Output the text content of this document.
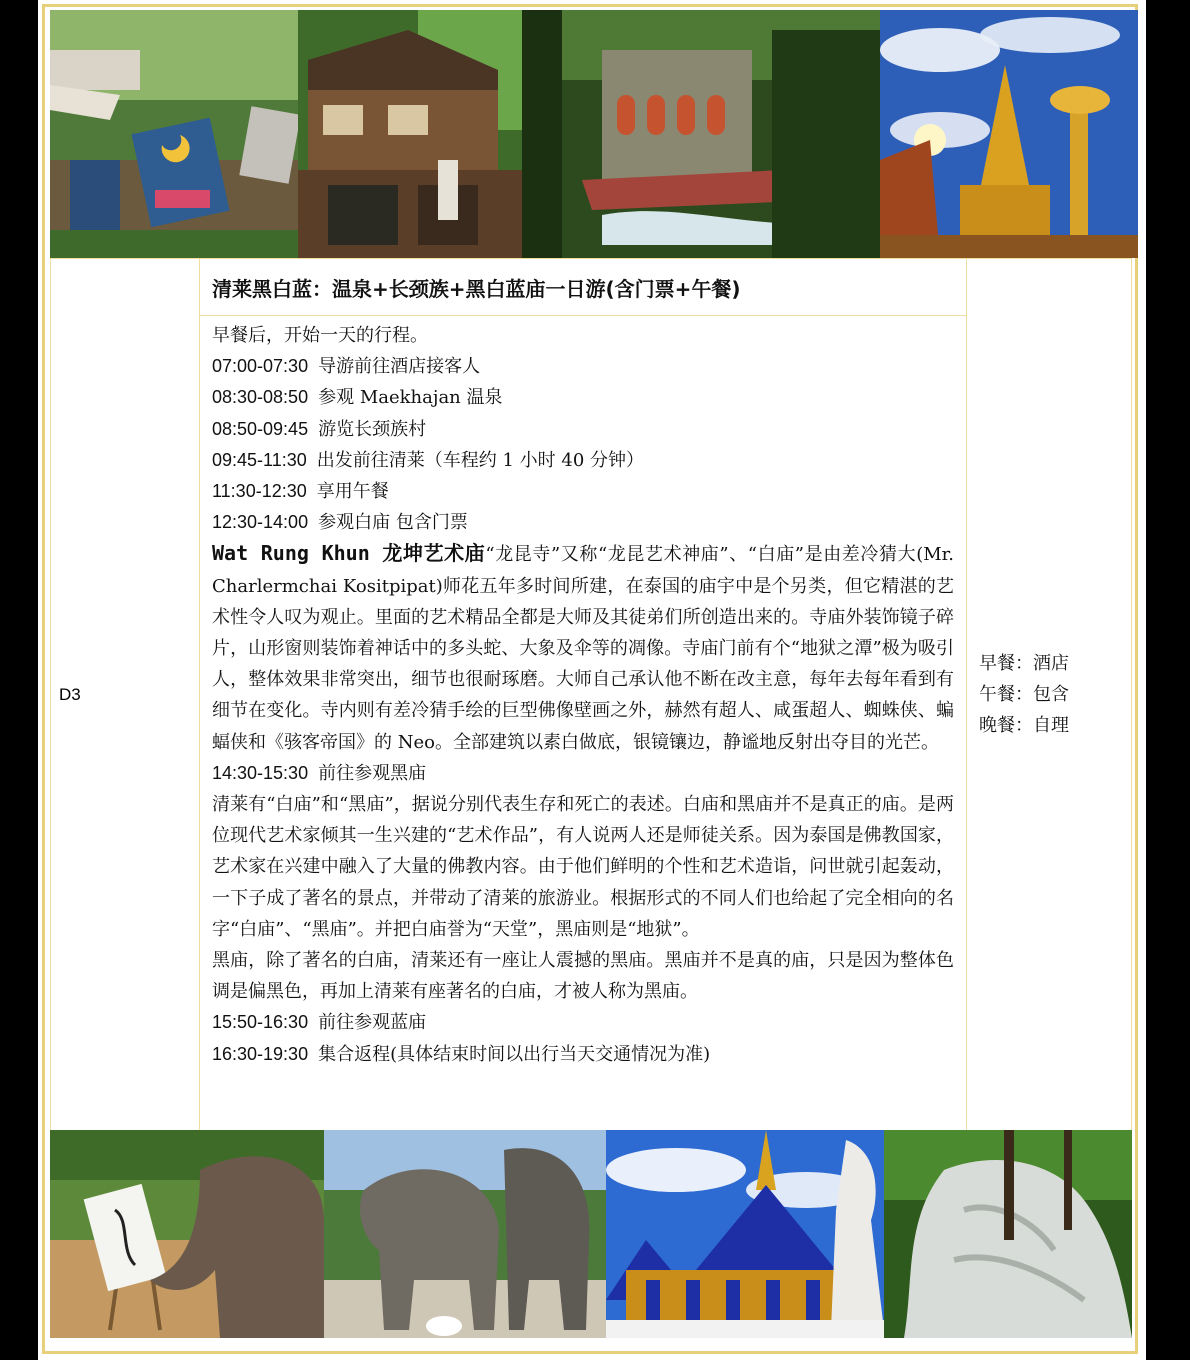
D3	清莱黑白蓝：温泉+长颈族+黑白蓝庙一日游(含门票+午餐)	
早餐：酒店
午餐：包含
晚餐：自理

早餐后，开始一天的行程。
07:00-07:30 导游前往酒店接客人
08:30-08:50 参观 Maekhajan 温泉
08:50-09:45 游览长颈族村
09:45-11:30 出发前往清莱（车程约 1 小时 40 分钟）
11:30-12:30 享用午餐
12:30-14:00 参观白庙 包含门票
Wat Rung Khun 龙坤艺术庙“龙昆寺”又称“龙昆艺术神庙”、“白庙”是由差冷猜大(Mr. Charlermchai Kositpipat)师花五年多时间所建，在泰国的庙宇中是个另类，但它精湛的艺术性令人叹为观止。里面的艺术精品全都是大师及其徒弟们所创造出来的。寺庙外装饰镜子碎片，山形窗则装饰着神话中的多头蛇、大象及伞等的凋像。寺庙门前有个“地狱之潭”极为吸引人，整体效果非常突出，细节也很耐琢磨。大师自己承认他不断在改主意，每年去每年看到有细节在变化。寺内则有差冷猜手绘的巨型佛像壁画之外，赫然有超人、咸蛋超人、蜘蛛侠、蝙蝠侠和《骇客帝国》的 Neo。全部建筑以素白做底，银镜镶边，静谧地反射出夺目的光芒。
14:30-15:30 前往参观黑庙
清莱有“白庙”和“黑庙”，据说分别代表生存和死亡的表述。白庙和黑庙并不是真正的庙。是两位现代艺术家倾其一生兴建的“艺术作品”，有人说两人还是师徒关系。因为泰国是佛教国家，艺术家在兴建中融入了大量的佛教内容。由于他们鲜明的个性和艺术造诣，问世就引起轰动，一下子成了著名的景点，并带动了清莱的旅游业。根据形式的不同人们也给起了完全相向的名字“白庙”、“黑庙”。并把白庙誉为“天堂”，黑庙则是“地狱”。
黑庙，除了著名的白庙，清莱还有一座让人震撼的黑庙。黑庙并不是真的庙，只是因为整体色调是偏黑色，再加上清莱有座著名的白庙，才被人称为黑庙。
15:50-16:30 前往参观蓝庙
16:30-19:30 集合返程(具体结束时间以出行当天交通情况为准)
